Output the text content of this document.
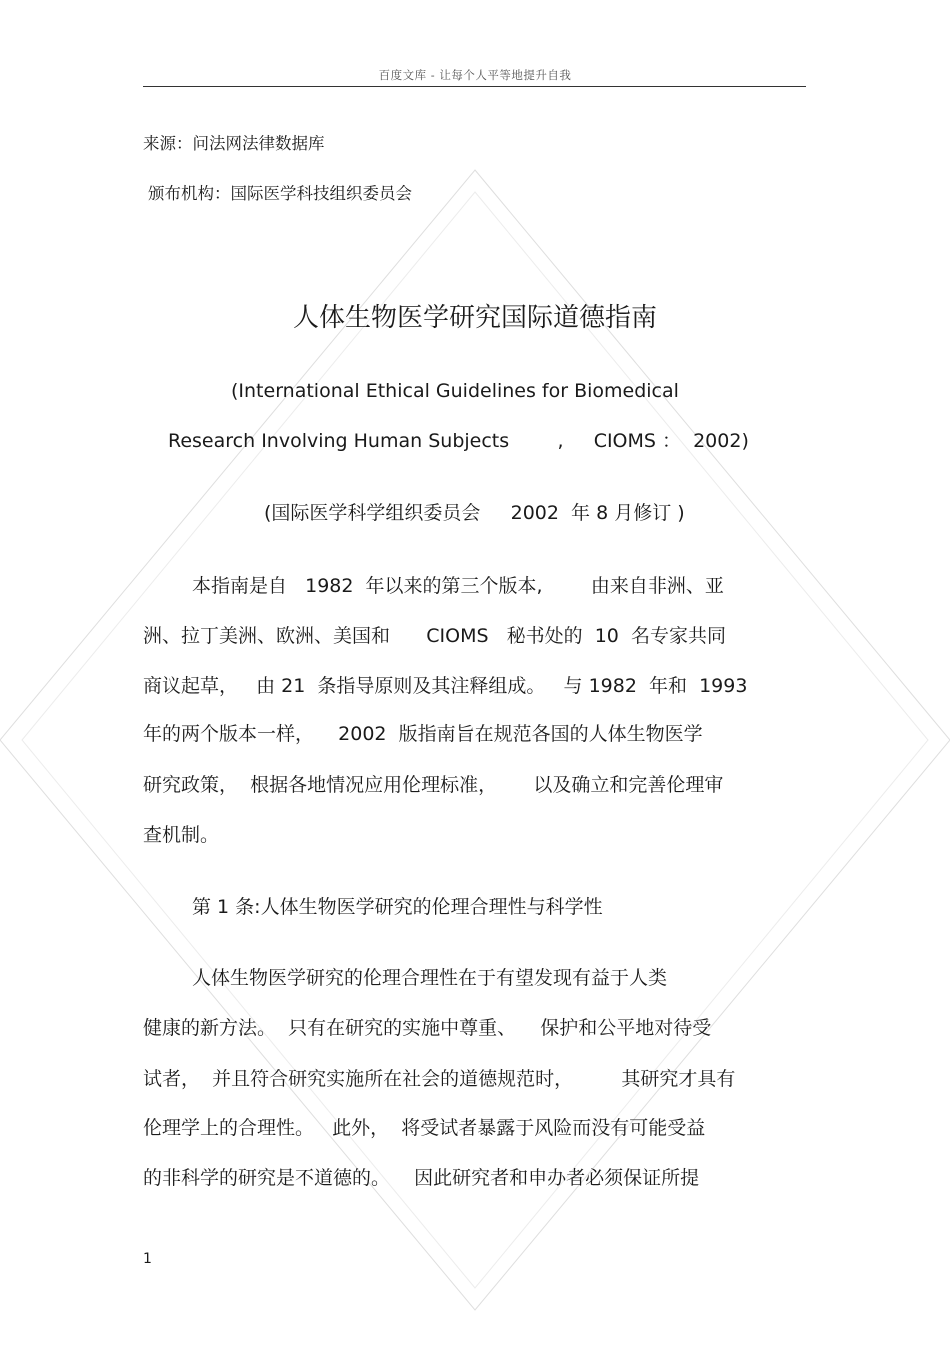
百度文库 - 让每个人平等地提升自我
来源：问法网法律数据库
颁布机构：国际医学科技组织委员会
人体生物医学研究国际道德指南
(International Ethical Guidelines for Biomedical
Research Involving Human Subjects        ,     CIOMS ：  2002)
(国际医学科学组织委员会     2002  年 8 月修订 )
本指南是自   1982  年以来的第三个版本,        由来自非洲、亚
洲、拉丁美洲、欧洲、美国和      CIOMS   秘书处的  10  名专家共同
商议起草，   由 21  条指导原则及其注释组成。   与 1982  年和  1993
年的两个版本一样，    2002  版指南旨在规范各国的人体生物医学
研究政策，  根据各地情况应用伦理标准，      以及确立和完善伦理审
查机制。
第 1 条:人体生物医学研究的伦理合理性与科学性
人体生物医学研究的伦理合理性在于有望发现有益于人类
健康的新方法。  只有在研究的实施中尊重、    保护和公平地对待受
试者，  并且符合研究实施所在社会的道德规范时，        其研究才具有
伦理学上的合理性。   此外，  将受试者暴露于风险而没有可能受益
的非科学的研究是不道德的。    因此研究者和申办者必须保证所提
1
